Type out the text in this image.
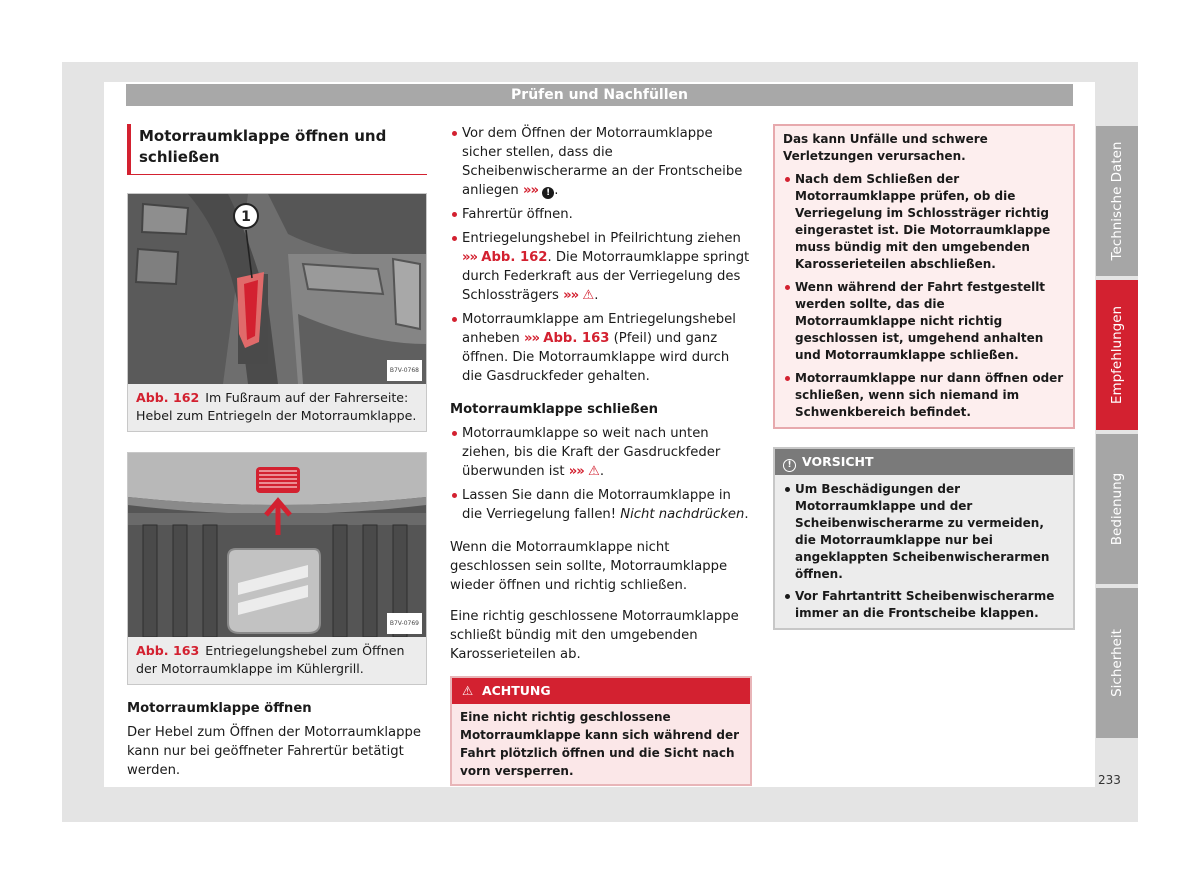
Prüfen und Nachfüllen
Motorraumklappe öffnen und schließen
1
B7V-0768
Abb. 162 Im Fußraum auf der Fahrerseite: Hebel zum Entriegeln der Motorraumklappe.
B7V-0769
Abb. 163 Entriegelungshebel zum Öffnen der Motorraumklappe im Kühlergrill.
Motorraumklappe öffnen

Der Hebel zum Öffnen der Motorraumklappe kann nur bei geöffneter Fahrertür betätigt werden.

Vor dem Öffnen der Motorraumklappe sicher stellen, dass die Scheibenwischerarme an der Frontscheibe anliegen »» ! .
Fahrertür öffnen.
Entriegelungshebel in Pfeilrichtung ziehen »» Abb. 162. Die Motorraumklappe springt durch Federkraft aus der Verriegelung des Schlossträgers »» ⚠.
Motorraumklappe am Entriegelungshebel anheben »» Abb. 163 (Pfeil) und ganz öffnen. Die Motorraumklappe wird durch die Gasdruckfeder gehalten.
Motorraumklappe schließen
Motorraumklappe so weit nach unten ziehen, bis die Kraft der Gasdruckfeder überwunden ist »» ⚠.
Lassen Sie dann die Motorraumklappe in die Verriegelung fallen! Nicht nachdrücken.

Wenn die Motorraumklappe nicht geschlossen sein sollte, Motorraumklappe wieder öffnen und richtig schließen.

Eine richtig geschlossene Motorraumklappe schließt bündig mit den umgebenden Karosserieteilen ab.

⚠ ACHTUNG
Eine nicht richtig geschlossene Motorraumklappe kann sich während der Fahrt plötzlich öffnen und die Sicht nach vorn versperren.
Das kann Unfälle und schwere Verletzungen verursachen.
Nach dem Schließen der Motorraumklappe prüfen, ob die Verriegelung im Schlossträger richtig eingerastet ist. Die Motorraumklappe muss bündig mit den umgebenden Karosserieteilen abschließen.
Wenn während der Fahrt festgestellt werden sollte, das die Motorraumklappe nicht richtig geschlossen ist, umgehend anhalten und Motorraumklappe schließen.
Motorraumklappe nur dann öffnen oder schließen, wenn sich niemand im Schwenkbereich befindet.
! VORSICHT
Um Beschädigungen der Motorraumklappe und der Scheibenwischerarme zu vermeiden, die Motorraumklappe nur bei angeklappten Scheibenwischerarmen öffnen.
Vor Fahrtantritt Scheibenwischerarme immer an die Frontscheibe klappen.
Technische Daten
Empfehlungen
Bedienung
Sicherheit
233
